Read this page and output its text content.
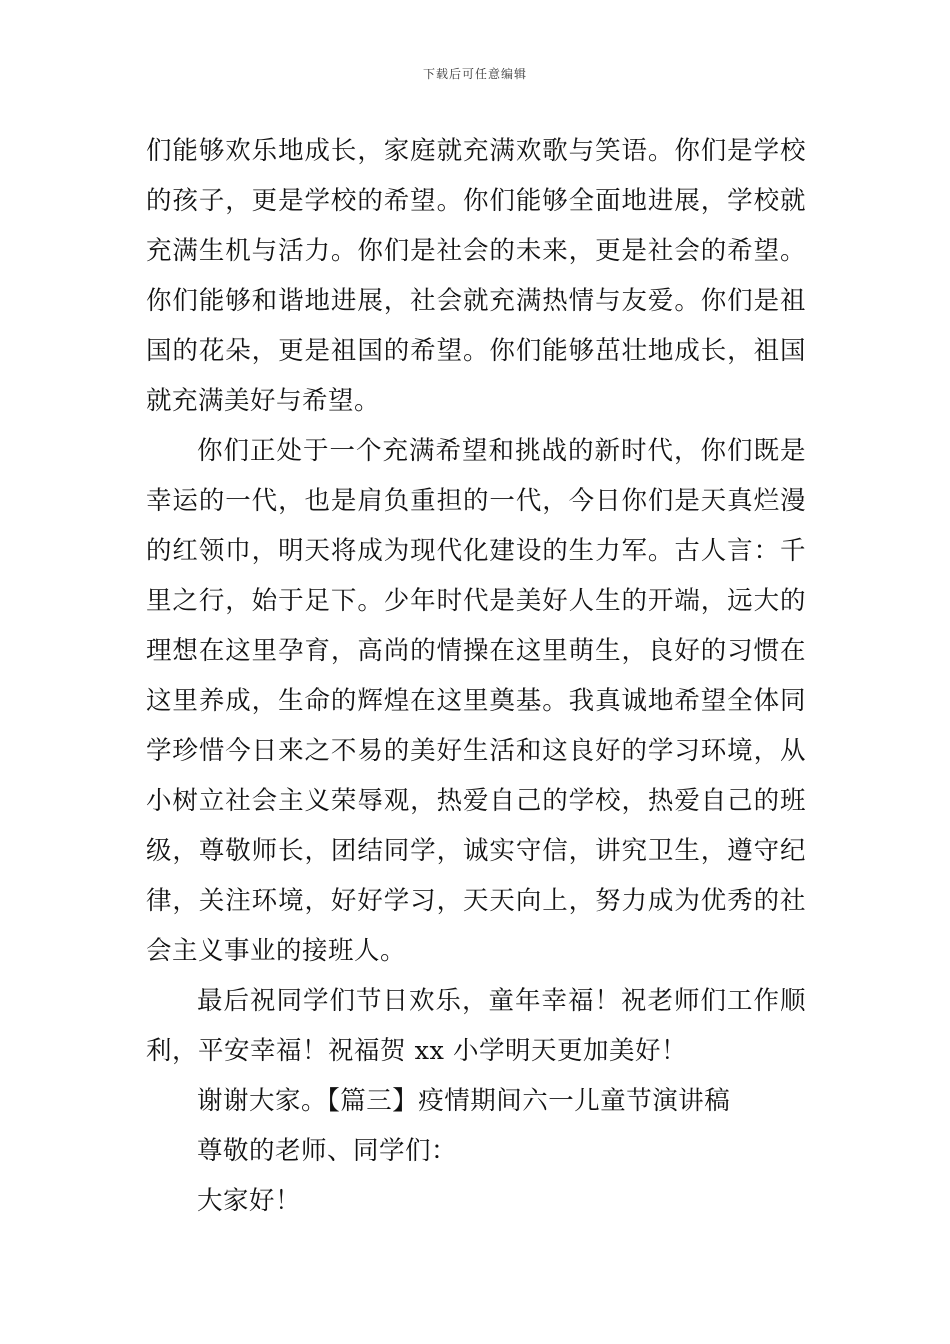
下载后可任意编辑
们能够欢乐地成长，家庭就充满欢歌与笑语。你们是学校
的孩子，更是学校的希望。你们能够全面地进展，学校就
充满生机与活力。你们是社会的未来，更是社会的希望。
你们能够和谐地进展，社会就充满热情与友爱。你们是祖
国的花朵，更是祖国的希望。你们能够茁壮地成长，祖国
就充满美好与希望。
你们正处于一个充满希望和挑战的新时代，你们既是
幸运的一代，也是肩负重担的一代，今日你们是天真烂漫
的红领巾，明天将成为现代化建设的生力军。古人言：千
里之行，始于足下。少年时代是美好人生的开端，远大的
理想在这里孕育，高尚的情操在这里萌生，良好的习惯在
这里养成，生命的辉煌在这里奠基。我真诚地希望全体同
学珍惜今日来之不易的美好生活和这良好的学习环境，从
小树立社会主义荣辱观，热爱自己的学校，热爱自己的班
级，尊敬师长，团结同学，诚实守信，讲究卫生，遵守纪
律，关注环境，好好学习，天天向上，努力成为优秀的社
会主义事业的接班人。
最后祝同学们节日欢乐，童年幸福！祝老师们工作顺
利，平安幸福！祝福贺 xx 小学明天更加美好！
谢谢大家。【篇三】疫情期间六一儿童节演讲稿
尊敬的老师、同学们：
大家好！
